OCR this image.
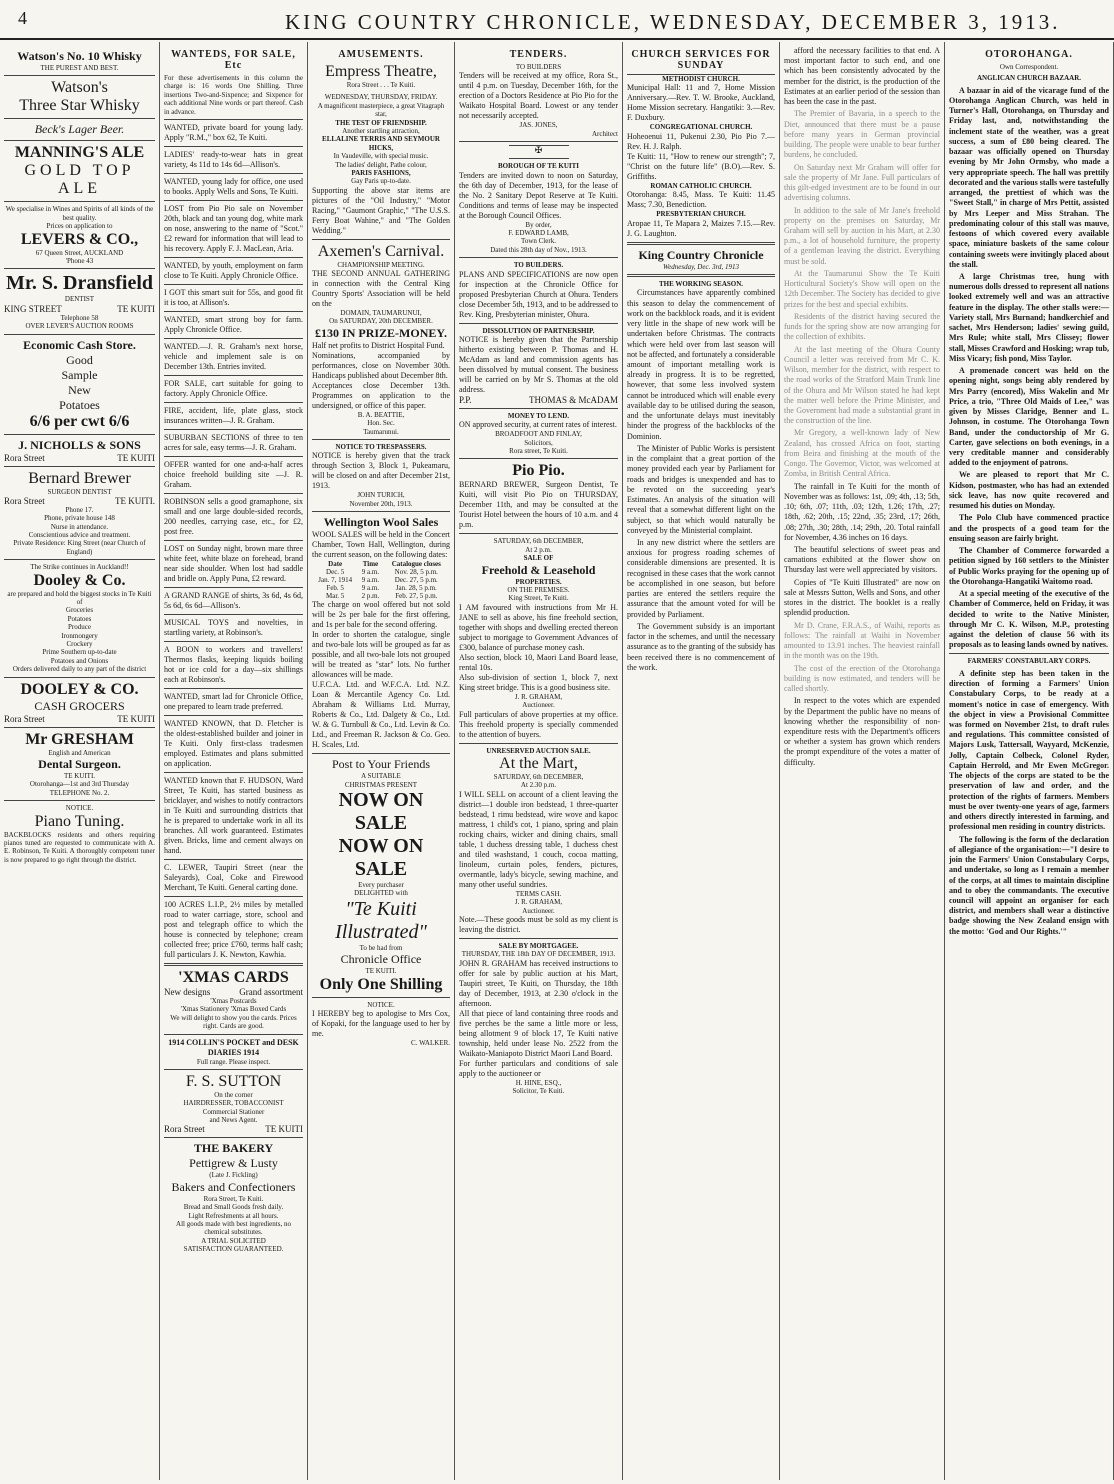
4	KING COUNTRY CHRONICLE, WEDNESDAY, DECEMBER 3, 1913.
Watson's No. 10 Whisky
THE PUREST AND BEST.
Watson's
Three Star Whisky
Beck's Lager Beer.
MANNING'S ALE
GOLD TOP ALE
We specialise in Wines and Spirits of all kinds of the best quality.
Prices on application to
LEVERS & CO.,
67 Queen Street, AUCKLAND
'Phone 43
Mr. S. Dransfield
DENTIST
KING STREET	TE KUITI
Telephone 58
OVER LEVER'S AUCTION ROOMS
Economic Cash Store.
Good
Sample
New
Potatoes
6/6 per cwt 6/6
J. NICHOLLS & SONS
Rora Street	TE KUITI
Bernard Brewer
SURGEON DENTIST
Rora Street	TE KUITI.
Phone 17.
Phone, private house 148
Nurse in attendance.
Conscientious advice and treatment.
Private Residence: King Street (near Church of England)
The Strike continues in Auckland!!
Dooley & Co.
are prepared and hold the biggest stocks in Te Kuiti of
Groceries
Potatoes
Produce
Ironmongery
Crockery
Prime Southern up-to-date
Potatoes and Onions
Orders delivered daily to any part of the district
DOOLEY & CO.
CASH GROCERS
Rora Street	TE KUITI
Mr GRESHAM
English and American
Dental Surgeon.
TE KUITI.
Otorohanga—1st and 3rd Thursday
TELEPHONE No. 2.
NOTICE.
Piano Tuning.
BACKBLOCKS residents and others requiring pianos tuned are requested to communicate with A. E. Robinson, Te Kuiti. A thoroughly competent tuner is now prepared to go right through the district.
WANTEDS, FOR SALE, Etc
For these advertisements in this column the charge is: 16 words One Shilling. Three insertions Two-and-Sixpence; and Sixpence for each additional Nine words or part thereof. Cash in advance.
WANTED, private board for young lady. Apply "R.M.," box 62, Te Kuiti.
LADIES' ready-to-wear hats in great variety, 4s 11d to 14s 6d—Allison's.
WANTED, young lady for office, one used to books. Apply Wells and Sons, Te Kuiti.
LOST from Pio Pio sale on November 20th, black and tan young dog, white mark on nose, answering to the name of "Scot." £2 reward for information that will lead to his recovery. Apply F. J. MacLean, Aria.
WANTED, by youth, employment on farm close to Te Kuiti. Apply Chronicle Office.
I GOT this smart suit for 55s, and good fit it is too, at Allison's.
WANTED, smart strong boy for farm. Apply Chronicle Office.
WANTED.—J. R. Graham's next horse, vehicle and implement sale is on December 13th. Entries invited.
FOR SALE, cart suitable for going to factory. Apply Chronicle Office.
FIRE, accident, life, plate glass, stock insurances written—J. R. Graham.
SUBURBAN SECTIONS of three to ten acres for sale, easy terms—J. R. Graham.
OFFER wanted for one and-a-half acres choice freehold building site —J. R. Graham.
ROBINSON sells a good gramaphone, six small and one large double-sided records, 200 needles, carrying case, etc., for £2, post free.
LOST on Sunday night, brown mare three white feet, white blaze on forehead, brand near side shoulder. When lost had saddle and bridle on. Apply Puna, £2 reward.
A GRAND RANGE of shirts, 3s 6d, 4s 6d, 5s 6d, 6s 6d—Allison's.
MUSICAL TOYS and novelties, in startling variety, at Robinson's.
A BOON to workers and travellers! Thermos flasks, keeping liquids boiling hot or ice cold for a day—six shillings each at Robinson's.
WANTED, smart lad for Chronicle Office, one prepared to learn trade preferred.
WANTED KNOWN, that D. Fletcher is the oldest-established builder and joiner in Te Kuiti. Only first-class tradesmen employed. Estimates and plans submitted on application.
WANTED known that F. HUDSON, Ward Street, Te Kuiti, has started business as bricklayer, and wishes to notify contractors in Te Kuiti and surrounding districts that he is prepared to undertake work in all its branches. All work guaranteed. Estimates given. Bricks, lime and cement always on hand.
C. LEWER, Taupiri Street (near the Saleyards), Coal, Coke and Firewood Merchant, Te Kuiti. General carting done.
100 ACRES L.I.P., 2½ miles by metalled road to water carriage, store, school and post and telegraph office to which the house is connected by telephone; cream collected free; price £760, terms half cash; full particulars J. K. Newton, Kawhia.
'XMAS CARDS
New designs	Grand assortment
'Xmas Postcards
'Xmas Stationery 'Xmas Boxed Cards
We will delight to show you the cards. Prices right. Cards are good.
1914 COLLIN'S POCKET and DESK DIARIES 1914
Full range. Please inspect.
F. S. SUTTON
On the corner
HAIRDRESSER, TOBACCONIST
Commercial Stationer
and News Agent.
Rora Street	TE KUITI
THE BAKERY
Pettigrew & Lusty
(Late J. Fickling)
Bakers and Confectioners
Rora Street, Te Kuiti.
Bread and Small Goods fresh daily.
Light Refreshments at all hours.
All goods made with best ingredients, no chemical substitutes.
A TRIAL SOLICITED
SATISFACTION GUARANTEED.
AMUSEMENTS.
Empress Theatre,
Rora Street . . . Te Kuiti.
WEDNESDAY, THURSDAY, FRIDAY.
A magnificent masterpiece, a great Vitagraph star,
THE TEST OF FRIENDSHIP.
Another startling attraction,
ELLALINE TERRIS AND SEYMOUR HICKS,
In Vaudeville, with special music.
The ladies' delight, Pathe colour,
PARIS FASHIONS,
Gay Paris up-to-date.
Supporting the above star items are pictures of the "Oil Industry," "Motor Racing," "Gaumont Graphic," "The U.S.S. Ferry Boat Wahine," and "The Golden Wedding."
Axemen's Carnival.
CHAMPIONSHIP MEETING.
THE SECOND ANNUAL GATHERING in connection with the Central King Country Sports' Association will be held on the
DOMAIN, TAUMARUNUI,
On SATURDAY, 20th DECEMBER.
£130 IN PRIZE-MONEY.
Half net profits to District Hospital Fund.
Nominations, accompanied by performances, close on November 30th. Handicaps published about December 8th.
Acceptances close December 13th. Programmes on application to the undersigned, or office of this paper.
B. A. BEATTIE,
Hon. Sec.
Taumarunui.
NOTICE TO TRESPASSERS.
NOTICE is hereby given that the track through Section 3, Block 1, Pukeamaru, will be closed on and after December 21st, 1913.
JOHN TURICH,
November 20th, 1913.
Wellington Wool Sales
WOOL SALES will be held in the Concert Chamber, Town Hall, Wellington, during the current season, on the following dates:
Date	Time	Catalogue closes
Dec. 5	9 a.m.	Nov. 28, 5 p.m.
Jan. 7, 1914	9 a.m.	Dec. 27, 5 p.m.
Feb. 5	9 a.m.	Jan. 28, 5 p.m.
Mar. 5	2 p.m.	Feb. 27, 5 p.m.
The charge on wool offered but not sold will be 2s per bale for the first offering, and 1s per bale for the second offering.
In order to shorten the catalogue, single and two-bale lots will be grouped as far as possible, and all two-bale lots not grouped will be treated as "star" lots. No further allowances will be made.
U.F.C.A. Ltd. and W.F.C.A. Ltd. N.Z. Loan & Mercantile Agency Co. Ltd. Abraham & Williams Ltd. Murray, Roberts & Co., Ltd. Dalgety & Co., Ltd. W. & G. Turnbull & Co., Ltd. Levin & Co. Ltd., and Freeman R. Jackson & Co. Geo. H. Scales, Ltd.
Post to Your Friends
A SUITABLE
CHRISTMAS PRESENT
NOW ON SALE
NOW ON SALE
Every purchaser
DELIGHTED with
"Te Kuiti
Illustrated"
To be had from
Chronicle Office
TE KUITI.
Only One Shilling
NOTICE.
I HEREBY beg to apologise to Mrs Cox, of Kopaki, for the language used to her by me.
C. WALKER.
TENDERS.
TO BUILDERS
Tenders will be received at my office, Rora St., until 4 p.m. on Tuesday, December 16th, for the erection of a Doctors Residence at Pio Pio for the Waikato Hospital Board. Lowest or any tender not necessarily accepted.
JAS. JONES,
Architect
✠
BOROUGH OF TE KUITI
Tenders are invited down to noon on Saturday, the 6th day of December, 1913, for the lease of the No. 2 Sanitary Depot Reserve at Te Kuiti. Conditions and terms of lease may be inspected at the Borough Council Offices.
By order,
F. EDWARD LAMB,
Town Clerk.
Dated this 28th day of Nov., 1913.
TO BUILDERS.
PLANS AND SPECIFICATIONS are now open for inspection at the Chronicle Office for proposed Presbyterian Church at Ohura. Tenders close December 5th, 1913, and to be addressed to Rev. King, Presbyterian minister, Ohura.
DISSOLUTION OF PARTNERSHIP.
NOTICE is hereby given that the Partnership hitherto existing between P. Thomas and H. McAdam as land and commission agents has been dissolved by mutual consent. The business will be carried on by Mr S. Thomas at the old address.
P.P.	THOMAS & McADAM
MONEY TO LEND.
ON approved security, at current rates of interest.
BROADFOOT AND FINLAY,
Solicitors,
Rora street, Te Kuiti.
Pio Pio.
BERNARD BREWER, Surgeon Dentist, Te Kuiti, will visit Pio Pio on THURSDAY, December 11th, and may be consulted at the Tourist Hotel between the hours of 10 a.m. and 4 p.m.
SATURDAY, 6th DECEMBER,
At 2 p.m.
SALE OF
Freehold & Leasehold
PROPERTIES.
ON THE PREMISES.
King Street, Te Kuiti.
I AM favoured with instructions from Mr H. JANE to sell as above, his fine freehold section, together with shops and dwelling erected thereon subject to mortgage to Government Advances of £300, balance of purchase money cash.
Also section, block 10, Maori Land Board lease, rental 10s.
Also sub-division of section 1, block 7, next King street bridge. This is a good business site.
J. R. GRAHAM,
Auctioneer.
Full particulars of above properties at my office. This freehold property is specially commended to the attention of buyers.
UNRESERVED AUCTION SALE.
At the Mart,
SATURDAY, 6th DECEMBER,
At 2.30 p.m.
I WILL SELL on account of a client leaving the district—1 double iron bedstead, 1 three-quarter bedstead, 1 rimu bedstead, wire wove and kapoc mattress, 1 child's cot, 1 piano, spring and plain rocking chairs, wicker and dining chairs, small table, 1 duchess dressing table, 1 duchess chest and tiled washstand, 1 couch, cocoa matting, linoleum, curtain poles, fenders, pictures, overmantle, lady's bicycle, sewing machine, and many other useful sundries.
TERMS CASH.
J. R. GRAHAM,
Auctioneer.
Note.—These goods must be sold as my client is leaving the district.
SALE BY MORTGAGEE.
THURSDAY, THE 18th DAY OF DECEMBER, 1913.
JOHN R. GRAHAM has received instructions to offer for sale by public auction at his Mart, Taupiri street, Te Kuiti, on Thursday, the 18th day of December, 1913, at 2.30 o'clock in the afternoon.
All that piece of land containing three roods and five perches be the same a little more or less, being allotment 9 of block 17, Te Kuiti native township, held under lease No. 2522 from the Waikato-Maniapoto District Maori Land Board.
For further particulars and conditions of sale apply to the auctioneer or
H. HINE, ESQ.,
Solicitor, Te Kuiti.
CHURCH SERVICES FOR SUNDAY
METHODIST CHURCH.
Municipal Hall: 11 and 7, Home Mission Anniversary.—Rev. T. W. Brooke, Auckland, Home Mission secretary. Hangatiki: 3.—Rev. F. Duxbury.
CONGREGATIONAL CHURCH.
Hoheoenui 11, Pukenui 2.30, Pio Pio 7.—Rev. H. J. Ralph.
Te Kuiti: 11, "How to renew our strength"; 7, "Christ on the future life" (B.O).—Rev. S. Griffiths.
ROMAN CATHOLIC CHURCH.
Otorohanga: 8.45, Mass. Te Kuiti: 11.45 Mass; 7.30, Benediction.
PRESBYTERIAN CHURCH.
Aropae 11, Te Mapara 2, Maizes 7.15.—Rev. J. G. Laughton.
King Country Chronicle
Wednesday, Dec. 3rd, 1913
THE WORKING SEASON.
Circumstances have apparently combined this season to delay the commencement of work on the backblock roads, and it is evident very little in the shape of new work will be undertaken before Christmas. The contracts which were held over from last season will not be affected, and fortunately a considerable amount of important metalling work is already in progress. It is to be regretted, however, that some less involved system cannot be introduced which will enable every available day to be utilised during the season, and the unfortunate delays must inevitably hinder the progress of the backblocks of the Dominion.
The Minister of Public Works is persistent in the complaint that a great portion of the money provided each year by Parliament for roads and bridges is unexpended and has to be revoted on the succeeding year's Estimates. An analysis of the situation will reveal that a somewhat different light on the subject, so that which would naturally be conveyed by the Ministerial complaint.
In any new district where the settlers are anxious for progress roading schemes of considerable dimensions are presented. It is recognised in these cases that the work cannot be accomplished in one season, but before parties are entered the settlers require the assurance that the amount voted for will be provided by Parliament.
The Government subsidy is an important factor in the schemes, and until the necessary assurance as to the granting of the subsidy has been received there is no commencement of the work.
afford the necessary facilities to that end. A most important factor to such end, and one which has been consistently advocated by the member for the district, is the production of the Estimates at an earlier period of the session than has been the case in the past.
The Premier of Bavaria, in a speech to the Diet, announced that there must be a pause before many years in German provincial building. The people were unable to bear further burdens, he concluded.
On Saturday next Mr Graham will offer for sale the property of Mr Jane. Full particulars of this gilt-edged investment are to be found in our advertising columns.
In addition to the sale of Mr Jane's freehold property on the premises on Saturday, Mr Graham will sell by auction in his Mart, at 2.30 p.m., a lot of household furniture, the property of a gentleman leaving the district. Everything must be sold.
At the Taumarunui Show the Te Kuiti Horticultural Society's Show will open on the 12th December. The Society has decided to give prizes for the best and special exhibits.
Residents of the district having secured the funds for the spring show are now arranging for the collection of exhibits.
At the last meeting of the Ohura County Council a letter was received from Mr C. K. Wilson, member for the district, with respect to the road works of the Stratford Main Trunk line of the Ohura and Mr Wilson stated he had kept the matter well before the Prime Minister, and the Government had made a substantial grant in the construction of the line.
Mr Gregory, a well-known lady of New Zealand, has crossed Africa on foot, starting from Beira and finishing at the mouth of the Congo. The Governor, Victor, was welcomed at Zomba, in British Central Africa.
The rainfall in Te Kuiti for the month of November was as follows: 1st, .09; 4th, .13; 5th, .10; 6th, .07; 11th, .03; 12th, 1.26; 17th, .27; 18th, .62; 20th, .15; 22nd, .35; 23rd, .17; 26th, .08; 27th, .30; 28th, .14; 29th, .20. Total rainfall for November, 4.36 inches on 16 days.
The beautiful selections of sweet peas and carnations exhibited at the flower show on Thursday last were well appreciated by visitors.
Copies of "Te Kuiti Illustrated" are now on sale at Messrs Sutton, Wells and Sons, and other stores in the district. The booklet is a really splendid production.
Mr D. Crane, F.R.A.S., of Waihi, reports as follows: The rainfall at Waihi in November amounted to 13.91 inches. The heaviest rainfall in the month was on the 19th.
The cost of the erection of the Otorohanga building is now estimated, and tenders will be called shortly.
In respect to the votes which are expended by the Department the public have no means of knowing whether the responsibility of non-expenditure rests with the Department's officers or whether a system has grown which renders the prompt expenditure of the votes a matter of difficulty.
OTOROHANGA.
Own Correspondent.
ANGLICAN CHURCH BAZAAR.
A bazaar in aid of the vicarage fund of the Otorohanga Anglican Church, was held in Turner's Hall, Otorohanga, on Thursday and Friday last, and, notwithstanding the inclement state of the weather, was a great success, a sum of £80 being cleared. The bazaar was officially opened on Thursday evening by Mr John Ormsby, who made a very appropriate speech. The hall was prettily decorated and the various stalls were tastefully arranged, the prettiest of which was the "Sweet Stall," in charge of Mrs Pettit, assisted by Mrs Leeper and Miss Strahan. The predominating colour of this stall was mauve, festoons of which covered every available space, miniature baskets of the same colour containing sweets were invitingly placed about the stall.
A large Christmas tree, hung with numerous dolls dressed to represent all nations looked extremely well and was an attractive feature in the display. The other stalls were:—Variety stall, Mrs Burnand; handkerchief and sachet, Mrs Henderson; ladies' sewing guild, Mrs Rule; white stall, Mrs Clissey; flower stall, Misses Crawford and Hosking; wrap tub, Miss Vicary; fish pond, Miss Taylor.
A promenade concert was held on the opening night, songs being ably rendered by Mrs Parry (encored), Miss Wakelin and Mr Price, a trio, "Three Old Maids of Lee," was given by Misses Claridge, Benner and L. Johnson, in costume. The Otorohanga Town Band, under the conductorship of Mr G. Carter, gave selections on both evenings, in a very creditable manner and considerably added to the enjoyment of patrons.
We are pleased to report that Mr C. Kidson, postmaster, who has had an extended sick leave, has now quite recovered and resumed his duties on Monday.
The Polo Club have commenced practice and the prospects of a good team for the ensuing season are fairly bright.
The Chamber of Commerce forwarded a petition signed by 160 settlers to the Minister of Public Works praying for the opening up of the Otorohanga-Hangatiki Waitomo road.
At a special meeting of the executive of the Chamber of Commerce, held on Friday, it was decided to write to the Native Minister, through Mr C. K. Wilson, M.P., protesting against the deletion of clause 56 with its proposals as to leasing lands owned by natives.
FARMERS' CONSTABULARY CORPS.
A definite step has been taken in the direction of forming a Farmers' Union Constabulary Corps, to be ready at a moment's notice in case of emergency. With the object in view a Provisional Committee was formed on November 21st, to draft rules and regulations. This committee consisted of Majors Lusk, Tattersall, Wayyard, McKenzie, Jolly, Captain Colbeck, Colonel Ryder, Captain Herrold, and Mr Ewen McGregor. The objects of the corps are stated to be the preservation of law and order, and the protection of the rights of farmers. Members must be over twenty-one years of age, farmers and others directly interested in farming, and professional men residing in country districts.
The following is the form of the declaration of allegiance of the organisation:—"I desire to join the Farmers' Union Constabulary Corps, and undertake, so long as I remain a member of the corps, at all times to maintain discipline and to obey the commandants. The executive council will appoint an organiser for each district, and members shall wear a distinctive badge showing the New Zealand ensign with the motto: 'God and Our Rights.'"
